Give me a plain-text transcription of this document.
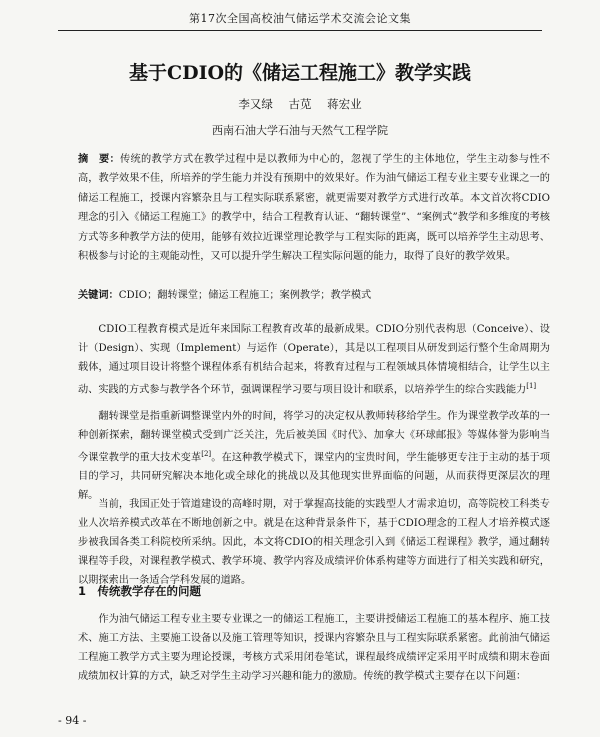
第17次全国高校油气储运学术交流会论文集
基于CDIO的《储运工程施工》教学实践
李又绿 古苋 蒋宏业
西南石油大学石油与天然气工程学院

摘　要：传统的教学方式在教学过程中是以教师为中心的，忽视了学生的主体地位，学生主动参与性不高，教学效果不佳，所培养的学生能力并没有预期中的效果好。作为油气储运工程专业主要专业课之一的储运工程施工，授课内容繁杂且与工程实际联系紧密，就更需要对教学方式进行改革。本文首次将CDIO理念的引入《储运工程施工》的教学中，结合工程教育认证、“翻转课堂”、“案例式”教学和多维度的考核方式等多种教学方法的使用，能够有效拉近课堂理论教学与工程实际的距离，既可以培养学生主动思考、积极参与讨论的主观能动性，又可以提升学生解决工程实际问题的能力，取得了良好的教学效果。

关键词：CDIO；翻转课堂；储运工程施工；案例教学；教学模式

CDIO工程教育模式是近年来国际工程教育改革的最新成果。CDIO分别代表构思（Conceive）、设计（Design）、实现（Implement）与运作（Operate），其是以工程项目从研发到运行整个生命周期为载体，通过项目设计将整个课程体系有机结合起来，将教育过程与工程领域具体情境相结合，让学生以主动、实践的方式参与教学各个环节，强调课程学习要与项目设计和联系，以培养学生的综合实践能力[1]

翻转课堂是指重新调整课堂内外的时间，将学习的决定权从教师转移给学生。作为课堂教学改革的一种创新探索，翻转课堂模式受到广泛关注，先后被美国《时代》、加拿大《环球邮报》等媒体誉为影响当今课堂教学的重大技术变革[2]。在这种教学模式下，课堂内的宝贵时间，学生能够更专注于主动的基于项目的学习，共同研究解决本地化或全球化的挑战以及其他现实世界面临的问题，从而获得更深层次的理解。

当前，我国正处于管道建设的高峰时期，对于掌握高技能的实践型人才需求迫切，高等院校工科类专业人次培养模式改革在不断地创新之中。就是在这种背景条件下，基于CDIO理念的工程人才培养模式逐步被我国各类工科院校所采纳。因此，本文将CDIO的相关理念引入到《储运工程课程》教学，通过翻转课程等手段，对课程教学模式、教学环境、教学内容及成绩评价体系构建等方面进行了相关实践和研究，以期探索出一条适合学科发展的道路。

1　传统教学存在的问题

作为油气储运工程专业主要专业课之一的储运工程施工，主要讲授储运工程施工的基本程序、施工技术、施工方法、主要施工设备以及施工管理等知识，授课内容繁杂且与工程实际联系紧密。此前油气储运工程施工教学方式主要为理论授课，考核方式采用闭卷笔试，课程最终成绩评定采用平时成绩和期末卷面成绩加权计算的方式，缺乏对学生主动学习兴趣和能力的激励。传统的教学模式主要存在以下问题：

- 94 -
